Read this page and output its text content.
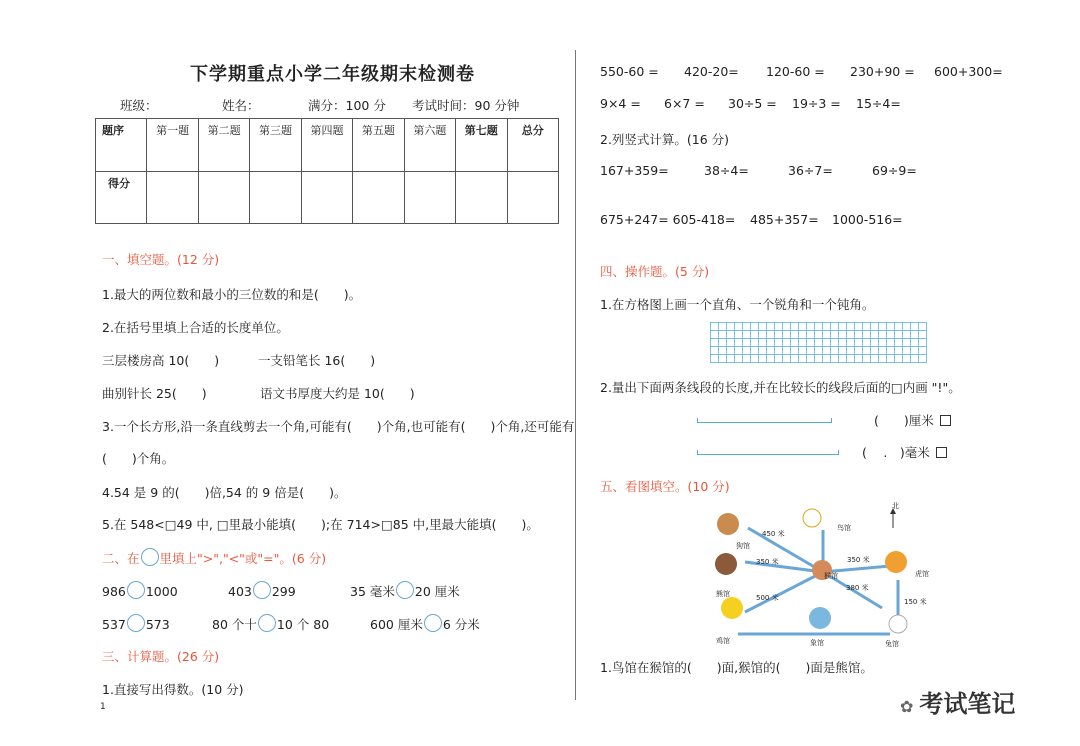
下学期重点小学二年级期末检测卷
班级：	姓名：	满分：100 分 考试时间：90 分钟
题序	第一题	第二题	第三题	第四题	第五题	第六题	第七题	总分
得分								
一、填空题。(12 分)
1.最大的两位数和最小的三位数的和是(　　)。
2.在括号里填上合适的长度单位。
三层楼房高 10(　　)	一支铅笔长 16(　　)
曲别针长 25(　　)	语文书厚度大约是 10(　　)
3.一个长方形,沿一条直线剪去一个角,可能有(　　)个角,也可能有(　　)个角,还可能有
(　　)个角。
4.54 是 9 的(　　)倍,54 的 9 倍是(　　)。
5.在 548<□49 中, □里最小能填(　　);在 714>□85 中,里最大能填(　　)。
二、在 里填上">","<"或"="。(6 分)
986 1000	403 299	35 毫米 20 厘米
537 573	80 个十 10 个 80	600 厘米 6 分米
三、计算题。(26 分)
1.直接写出得数。(10 分)
1
550-60 = 420-20= 120-60 = 230+90 = 600+300=
9×4 = 6×7 = 30÷5 = 19÷3 = 15÷4=
2.列竖式计算。(16 分)
167+359=	38÷4=	36÷7=	69÷9=
675+247= 605-418= 485+357= 1000-516=
四、操作题。(5 分)
1.在方格图上画一个直角、一个锐角和一个钝角。
2.量出下面两条线段的长度,并在比较长的线段后面的□内画 "!"。
(　　)厘米
(　 .　)毫米
五、看图填空。(10 分)
北
狗馆
鸟馆
熊馆
猴馆	虎馆
鸡馆	象馆	兔馆
450 米
350 米	350 米
380 米
500 米	150 米
1.鸟馆在猴馆的(　　)面,猴馆的(　　)面是熊馆。
✿ 考试笔记
